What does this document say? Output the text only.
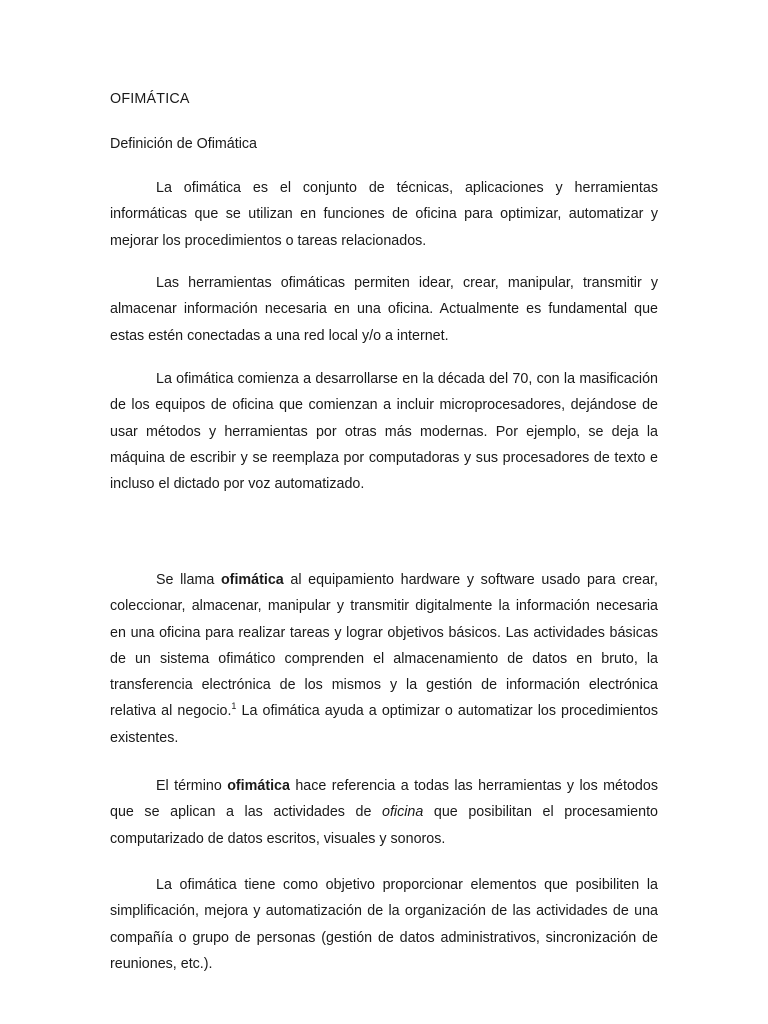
OFIMÁTICA
Definición de Ofimática

La ofimática es el conjunto de técnicas, aplicaciones y herramientas informáticas que se utilizan en funciones de oficina para optimizar, automatizar y mejorar los procedimientos o tareas relacionados.

Las herramientas ofimáticas permiten idear, crear, manipular, transmitir y almacenar información necesaria en una oficina. Actualmente es fundamental que estas estén conectadas a una red local y/o a internet.

La ofimática comienza a desarrollarse en la década del 70, con la masificación de los equipos de oficina que comienzan a incluir microprocesadores, dejándose de usar métodos y herramientas por otras más modernas. Por ejemplo, se deja la máquina de escribir y se reemplaza por computadoras y sus procesadores de texto e incluso el dictado por voz automatizado.

Se llama ofimática al equipamiento hardware y software usado para crear, coleccionar, almacenar, manipular y transmitir digitalmente la información necesaria en una oficina para realizar tareas y lograr objetivos básicos. Las actividades básicas de un sistema ofimático comprenden el almacenamiento de datos en bruto, la transferencia electrónica de los mismos y la gestión de información electrónica relativa al negocio.$^1$ La ofimática ayuda a optimizar o automatizar los procedimientos existentes.

El término ofimática hace referencia a todas las herramientas y los métodos que se aplican a las actividades de oficina que posibilitan el procesamiento computarizado de datos escritos, visuales y sonoros.

La ofimática tiene como objetivo proporcionar elementos que posibiliten la simplificación, mejora y automatización de la organización de las actividades de una compañía o grupo de personas (gestión de datos administrativos, sincronización de reuniones, etc.).
